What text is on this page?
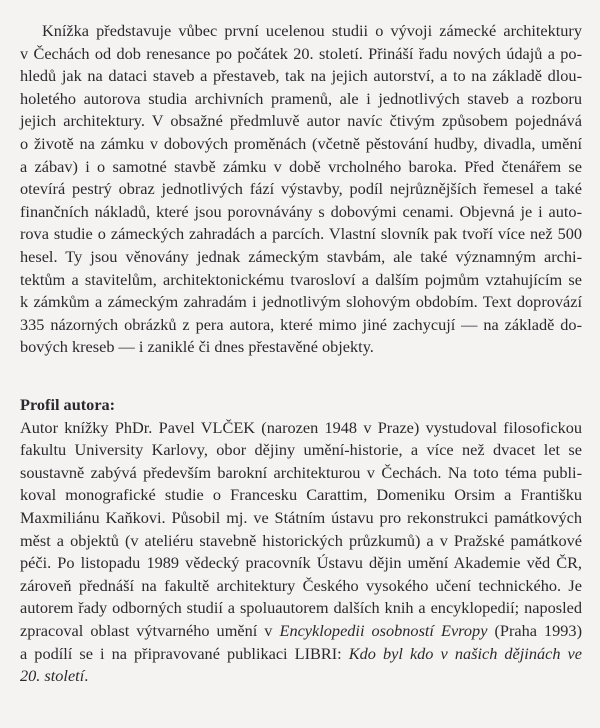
Knížka představuje vůbec první ucelenou studii o vývoji zámecké architektury
v Čechách od dob renesance po počátek 20. století. Přináší řadu nových údajů a po-
hledů jak na dataci staveb a přestaveb, tak na jejich autorství, a to na základě dlou-
holetého autorova studia archivních pramenů, ale i jednotlivých staveb a rozboru
jejich architektury. V obsažné předmluvě autor navíc čtivým způsobem pojednává
o životě na zámku v dobových proměnách (včetně pěstování hudby, divadla, umění
a zábav) i o samotné stavbě zámku v době vrcholného baroka. Před čtenářem se
otevírá pestrý obraz jednotlivých fází výstavby, podíl nejrůznějších řemesel a také
finančních nákladů, které jsou porovnávány s dobovými cenami. Objevná je i auto-
rova studie o zámeckých zahradách a parcích. Vlastní slovník pak tvoří více než 500
hesel. Ty jsou věnovány jednak zámeckým stavbám, ale také významným archi-
tektům a stavitelům, architektonickému tvarosloví a dalším pojmům vztahujícím se
k zámkům a zámeckým zahradám i jednotlivým slohovým obdobím. Text doprovází
335 názorných obrázků z pera autora, které mimo jiné zachycují — na základě do-
bových kreseb — i zaniklé či dnes přestavěné objekty.
Profil autora:
Autor knížky PhDr. Pavel VLČEK (narozen 1948 v Praze) vystudoval filosofickou
fakultu University Karlovy, obor dějiny umění-historie, a více než dvacet let se
soustavně zabývá především barokní architekturou v Čechách. Na toto téma publi-
koval monografické studie o Francesku Carattim, Domeniku Orsim a Františku
Maxmiliánu Kaňkovi. Působil mj. ve Státním ústavu pro rekonstrukci památkových
měst a objektů (v ateliéru stavebně historických průzkumů) a v Pražské památkové
péči. Po listopadu 1989 vědecký pracovník Ústavu dějin umění Akademie věd ČR,
zároveň přednáší na fakultě architektury Českého vysokého učení technického. Je
autorem řady odborných studií a spoluautorem dalších knih a encyklopedií; naposled
zpracoval oblast výtvarného umění v Encyklopedii osobností Evropy (Praha 1993)
a podílí se i na připravované publikaci LIBRI: Kdo byl kdo v našich dějinách ve
20. století.
